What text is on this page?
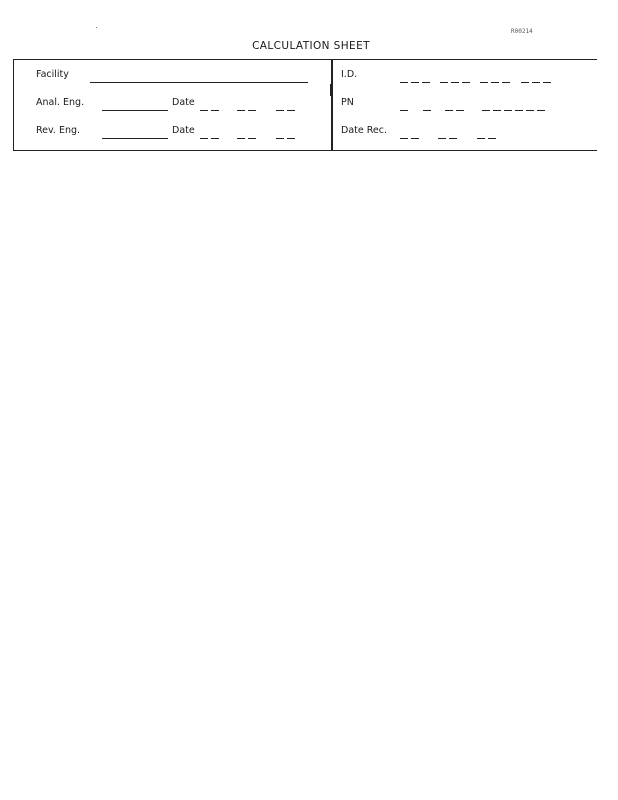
R00214
CALCULATION SHEET
Facility	I.D.
Anal. Eng.	Date	PN
Rev. Eng.	Date	Date Rec.
